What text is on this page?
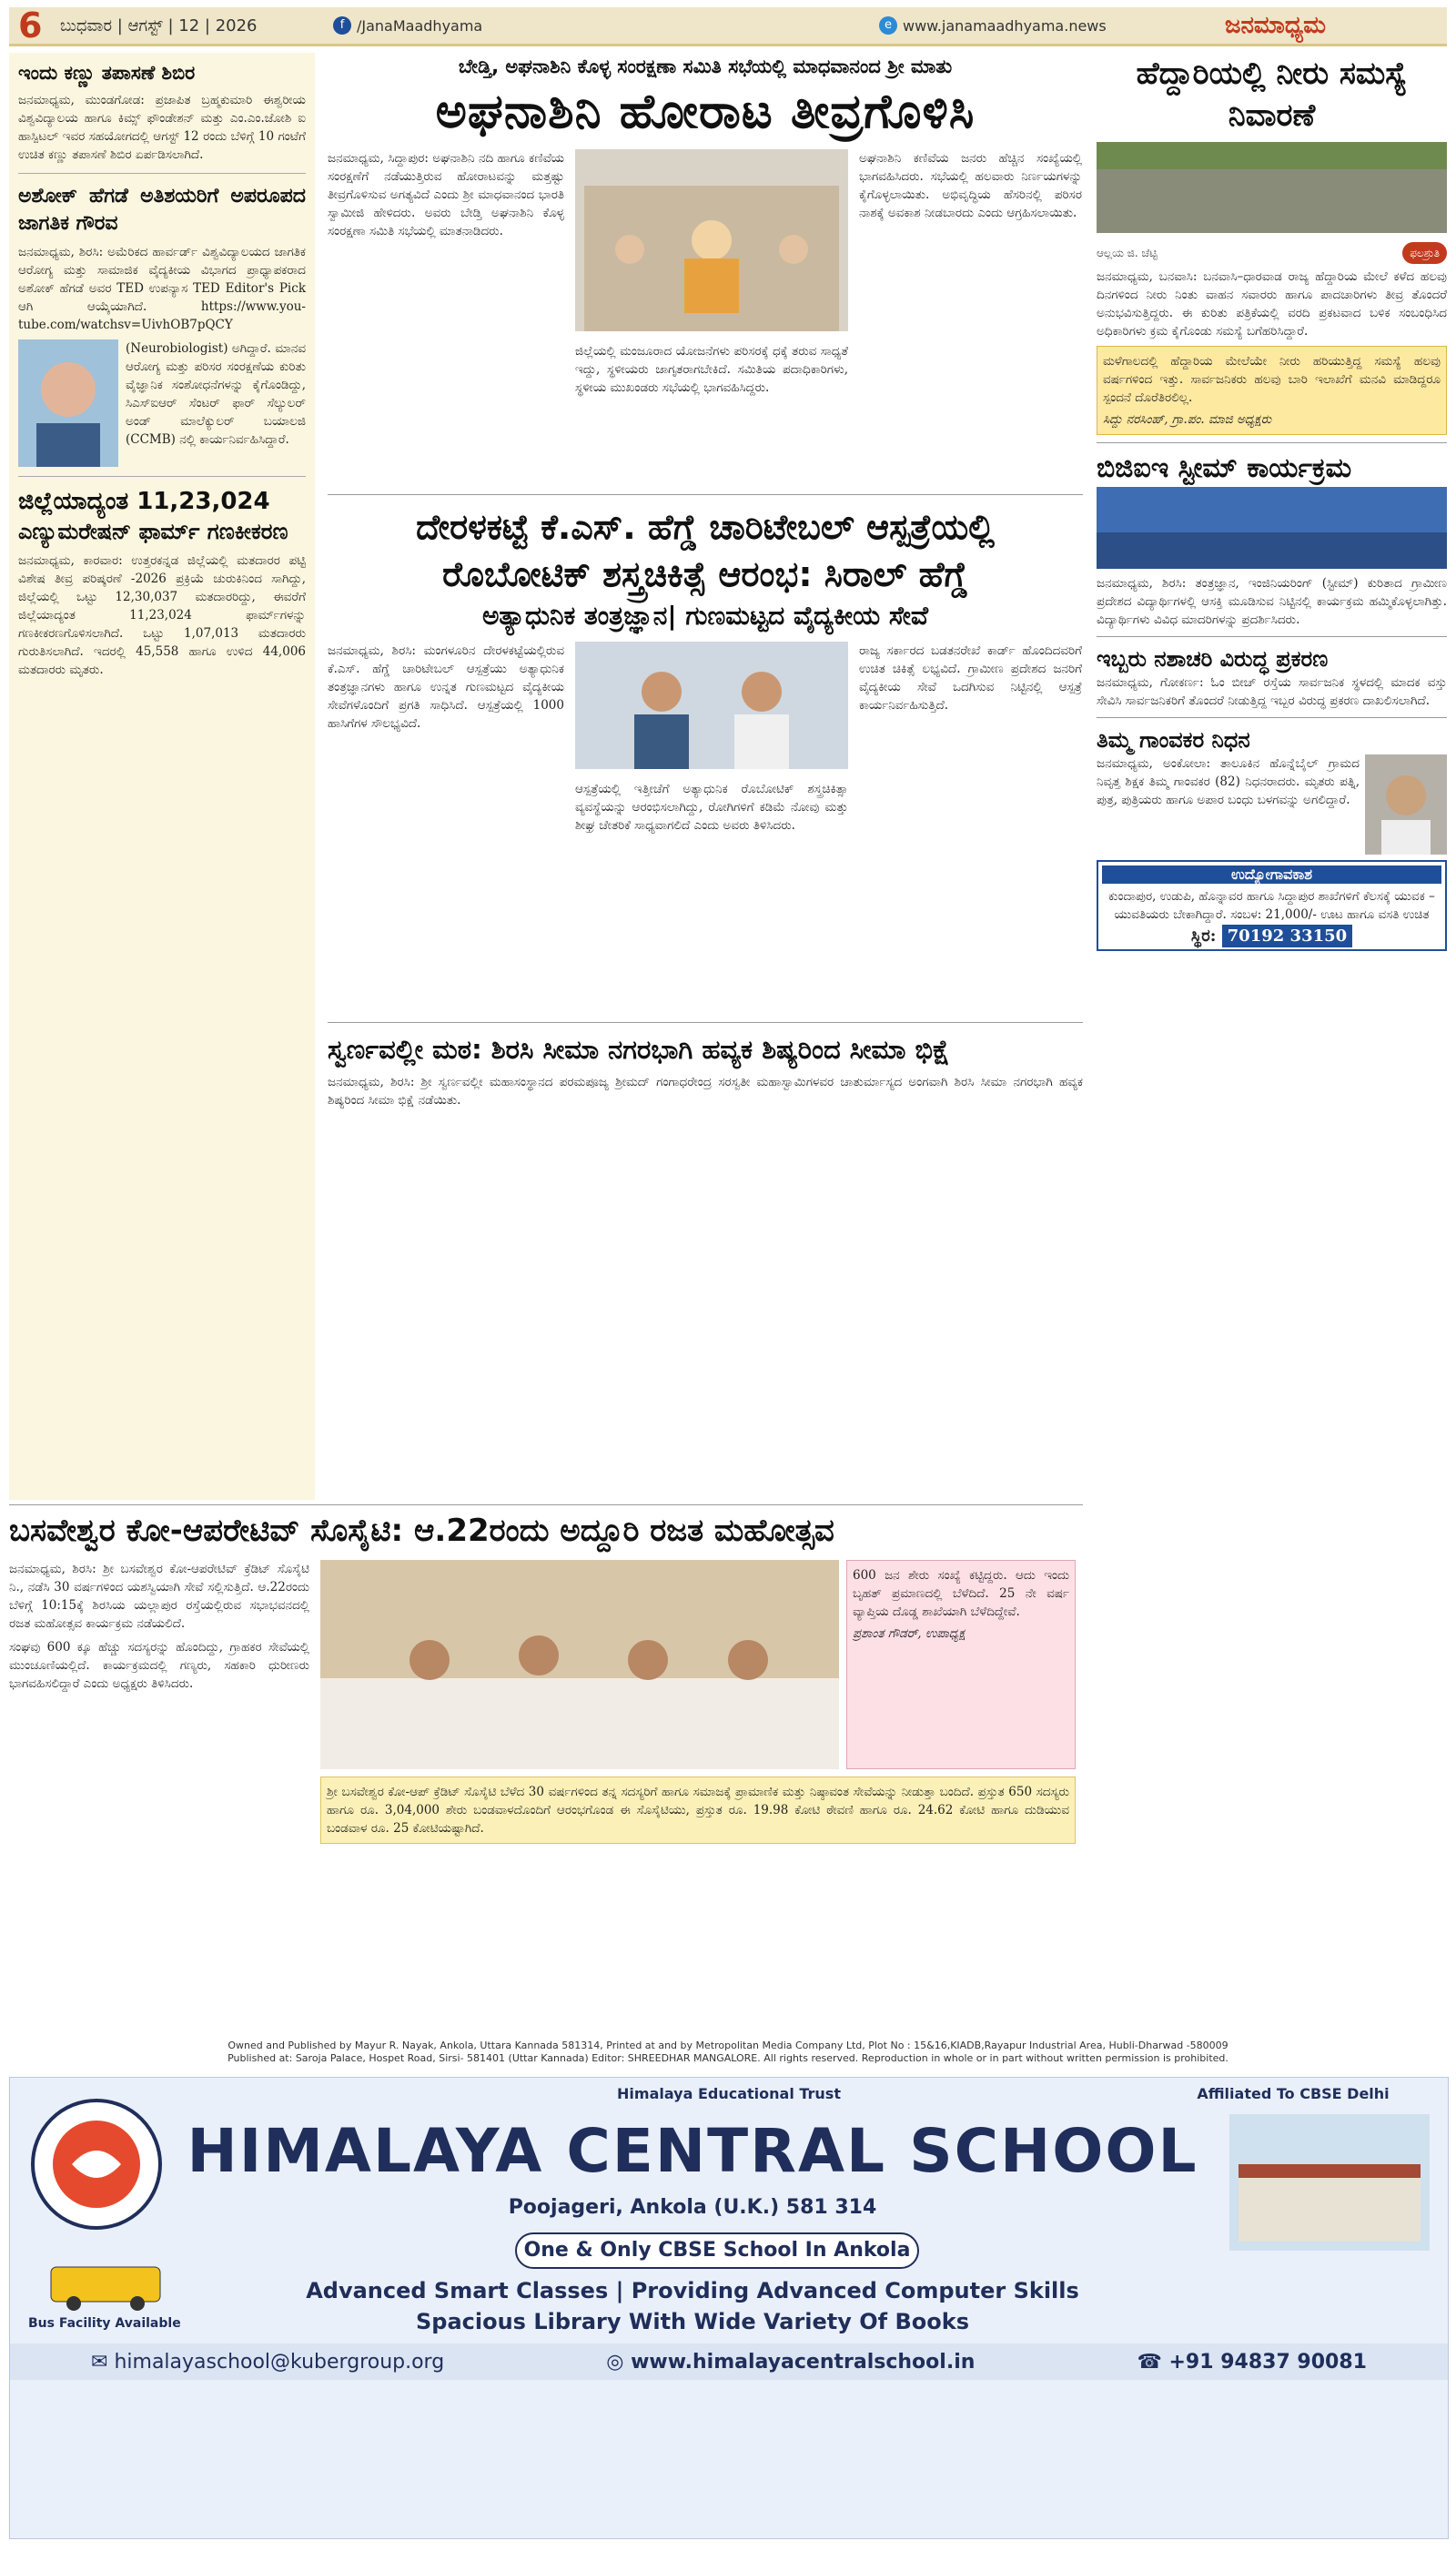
6	ಬುಧವಾರ | ಆಗಸ್ಟ್ | 12 | 2026	f /JanaMaadhyama	e www.janamaadhyama.news	ಜನಮಾಧ್ಯಮ
ಇಂದು ಕಣ್ಣು ತಪಾಸಣೆ ಶಿಬಿರ

ಜನಮಾಧ್ಯಮ, ಮುಂಡಗೋಡ: ಪ್ರಜಾಪಿತ ಬ್ರಹ್ಮಕುಮಾರಿ ಈಶ್ವರೀಯ ವಿಶ್ವವಿದ್ಯಾಲಯ ಹಾಗೂ ಕಿಮ್ಸ್ ಫೌಂಡೇಶನ್ ಮತ್ತು ಎಂ.ಎಂ.ಜೋಶಿ ಐ ಹಾಸ್ಪಿಟಲ್ ಇವರ ಸಹಯೋಗದಲ್ಲಿ ಆಗಸ್ಟ್ 12 ರಂದು ಬೆಳಿಗ್ಗೆ 10 ಗಂಟೆಗೆ ಉಚಿತ ಕಣ್ಣು ತಪಾಸಣೆ ಶಿಬಿರ ಏರ್ಪಡಿಸಲಾಗಿದೆ.

ಅಶೋಕ್ ಹೆಗಡೆ ಅತಿಶಯರಿಗೆ ಅಪರೂಪದ ಜಾಗತಿಕ ಗೌರವ

ಜನಮಾಧ್ಯಮ, ಶಿರಸಿ: ಅಮೆರಿಕದ ಹಾರ್ವರ್ಡ್ ವಿಶ್ವವಿದ್ಯಾಲಯದ ಜಾಗತಿಕ ಆರೋಗ್ಯ ಮತ್ತು ಸಾಮಾಜಿಕ ವೈದ್ಯಕೀಯ ವಿಭಾಗದ ಪ್ರಾಧ್ಯಾಪಕರಾದ ಅಶೋಕ್ ಹೆಗಡೆ ಅವರ TED ಉಪನ್ಯಾಸ TED Editor's Pick ಆಗಿ ಆಯ್ಕೆಯಾಗಿದೆ. https://www.you-tube.com/watchsv=UivhOB7pQCY

(Neurobiologist) ಅಗಿದ್ದಾರೆ. ಮಾನವ ಆರೋಗ್ಯ ಮತ್ತು ಪರಿಸರ ಸಂರಕ್ಷಣೆಯ ಕುರಿತು ವೈಜ್ಞಾನಿಕ ಸಂಶೋಧನೆಗಳನ್ನು ಕೈಗೊಂಡಿದ್ದು, ಸಿಎಸ್ಐಆರ್ ಸೆಂಟರ್ ಫಾರ್ ಸೆಲ್ಯುಲರ್ ಅಂಡ್ ಮಾಲೆಕ್ಯುಲರ್ ಬಯಾಲಜಿ (CCMB) ನಲ್ಲಿ ಕಾರ್ಯನಿರ್ವಹಿಸಿದ್ದಾರೆ.

ಜಿಲ್ಲೆಯಾದ್ಯಂತ 11,23,024
ಎಣ್ಯುಮರೇಷನ್ ಫಾರ್ಮ್ ಗಣಕೀಕರಣ

ಜನಮಾಧ್ಯಮ, ಕಾರವಾರ: ಉತ್ತರಕನ್ನಡ ಜಿಲ್ಲೆಯಲ್ಲಿ ಮತದಾರರ ಪಟ್ಟಿ ವಿಶೇಷ ತೀವ್ರ ಪರಿಷ್ಕರಣೆ -2026 ಪ್ರಕ್ರಿಯೆ ಚುರುಕಿನಿಂದ ಸಾಗಿದ್ದು, ಜಿಲ್ಲೆಯಲ್ಲಿ ಒಟ್ಟು 12,30,037 ಮತದಾರರಿದ್ದು, ಈವರೆಗೆ ಜಿಲ್ಲೆಯಾದ್ಯಂತ 11,23,024 ಫಾರ್ಮ್‌ಗಳನ್ನು ಗಣಕೀಕರಣಗೊಳಿಸಲಾಗಿದೆ. ಒಟ್ಟು 1,07,013 ಮತದಾರರು ಗುರುತಿಸಲಾಗಿದೆ. ಇದರಲ್ಲಿ 45,558 ಹಾಗೂ ಉಳಿದ 44,006 ಮತದಾರರು ಮೃತರು.

ಬೇಡ್ತಿ, ಅಘನಾಶಿನಿ ಕೊಳ್ಳ ಸಂರಕ್ಷಣಾ ಸಮಿತಿ ಸಭೆಯಲ್ಲಿ ಮಾಧವಾನಂದ ಶ್ರೀ ಮಾತು
ಅಘನಾಶಿನಿ ಹೋರಾಟ ತೀವ್ರಗೊಳಿಸಿ

ಜನಮಾಧ್ಯಮ, ಸಿದ್ದಾಪುರ: ಅಘನಾಶಿನಿ ನದಿ ಹಾಗೂ ಕಣಿವೆಯ ಸಂರಕ್ಷಣೆಗೆ ನಡೆಯುತ್ತಿರುವ ಹೋರಾಟವನ್ನು ಮತ್ತಷ್ಟು ತೀವ್ರಗೊಳಿಸುವ ಅಗತ್ಯವಿದೆ ಎಂದು ಶ್ರೀ ಮಾಧವಾನಂದ ಭಾರತಿ ಸ್ವಾಮೀಜಿ ಹೇಳಿದರು. ಅವರು ಬೇಡ್ತಿ ಅಘನಾಶಿನಿ ಕೊಳ್ಳ ಸಂರಕ್ಷಣಾ ಸಮಿತಿ ಸಭೆಯಲ್ಲಿ ಮಾತನಾಡಿದರು.

ಜಿಲ್ಲೆಯಲ್ಲಿ ಮಂಜೂರಾದ ಯೋಜನೆಗಳು ಪರಿಸರಕ್ಕೆ ಧಕ್ಕೆ ತರುವ ಸಾಧ್ಯತೆ ಇದ್ದು, ಸ್ಥಳೀಯರು ಜಾಗೃತರಾಗಬೇಕಿದೆ. ಸಮಿತಿಯ ಪದಾಧಿಕಾರಿಗಳು, ಸ್ಥಳೀಯ ಮುಖಂಡರು ಸಭೆಯಲ್ಲಿ ಭಾಗವಹಿಸಿದ್ದರು.

ಅಘನಾಶಿನಿ ಕಣಿವೆಯ ಜನರು ಹೆಚ್ಚಿನ ಸಂಖ್ಯೆಯಲ್ಲಿ ಭಾಗವಹಿಸಿದರು. ಸಭೆಯಲ್ಲಿ ಹಲವಾರು ನಿರ್ಣಯಗಳನ್ನು ಕೈಗೊಳ್ಳಲಾಯಿತು. ಅಭಿವೃದ್ಧಿಯ ಹೆಸರಿನಲ್ಲಿ ಪರಿಸರ ನಾಶಕ್ಕೆ ಅವಕಾಶ ನೀಡಬಾರದು ಎಂದು ಆಗ್ರಹಿಸಲಾಯಿತು.

ದೇರಳಕಟ್ಟೆ ಕೆ.ಎಸ್. ಹೆಗ್ಡೆ ಚಾರಿಟೇಬಲ್ ಆಸ್ಪತ್ರೆಯಲ್ಲಿ
ರೊಬೋಟಿಕ್ ಶಸ್ತ್ರಚಿಕಿತ್ಸೆ ಆರಂಭ: ಸಿರಾಲ್ ಹೆಗ್ಡೆ
ಅತ್ಯಾಧುನಿಕ ತಂತ್ರಜ್ಞಾನ| ಗುಣಮಟ್ಟದ ವೈದ್ಯಕೀಯ ಸೇವೆ

ಜನಮಾಧ್ಯಮ, ಶಿರಸಿ: ಮಂಗಳೂರಿನ ದೇರಳಕಟ್ಟೆಯಲ್ಲಿರುವ ಕೆ.ಎಸ್. ಹೆಗ್ಡೆ ಚಾರಿಟೇಬಲ್ ಆಸ್ಪತ್ರೆಯು ಅತ್ಯಾಧುನಿಕ ತಂತ್ರಜ್ಞಾನಗಳು ಹಾಗೂ ಉನ್ನತ ಗುಣಮಟ್ಟದ ವೈದ್ಯಕೀಯ ಸೇವೆಗಳೊಂದಿಗೆ ಪ್ರಗತಿ ಸಾಧಿಸಿದೆ. ಆಸ್ಪತ್ರೆಯಲ್ಲಿ 1000 ಹಾಸಿಗೆಗಳ ಸೌಲಭ್ಯವಿದೆ.

ಆಸ್ಪತ್ರೆಯಲ್ಲಿ ಇತ್ತೀಚೆಗೆ ಅತ್ಯಾಧುನಿಕ ರೊಬೋಟಿಕ್ ಶಸ್ತ್ರಚಿಕಿತ್ಸಾ ವ್ಯವಸ್ಥೆಯನ್ನು ಆರಂಭಿಸಲಾಗಿದ್ದು, ರೋಗಿಗಳಿಗೆ ಕಡಿಮೆ ನೋವು ಮತ್ತು ಶೀಘ್ರ ಚೇತರಿಕೆ ಸಾಧ್ಯವಾಗಲಿದೆ ಎಂದು ಅವರು ತಿಳಿಸಿದರು.

ರಾಜ್ಯ ಸರ್ಕಾರದ ಬಡತನರೇಖೆ ಕಾರ್ಡ್ ಹೊಂದಿದವರಿಗೆ ಉಚಿತ ಚಿಕಿತ್ಸೆ ಲಭ್ಯವಿದೆ. ಗ್ರಾಮೀಣ ಪ್ರದೇಶದ ಜನರಿಗೆ ವೈದ್ಯಕೀಯ ಸೇವೆ ಒದಗಿಸುವ ನಿಟ್ಟಿನಲ್ಲಿ ಆಸ್ಪತ್ರೆ ಕಾರ್ಯನಿರ್ವಹಿಸುತ್ತಿದೆ.

ಸ್ವರ್ಣವಲ್ಲೀ ಮಠ: ಶಿರಸಿ ಸೀಮಾ ನಗರಭಾಗಿ ಹವ್ಯಕ ಶಿಷ್ಯರಿಂದ ಸೀಮಾ ಭಿಕ್ಷೆ

ಜನಮಾಧ್ಯಮ, ಶಿರಸಿ: ಶ್ರೀ ಸ್ವರ್ಣವಲ್ಲೀ ಮಹಾಸಂಸ್ಥಾನದ ಪರಮಪೂಜ್ಯ ಶ್ರೀಮದ್ ಗಂಗಾಧರೇಂದ್ರ ಸರಸ್ವತೀ ಮಹಾಸ್ವಾಮಿಗಳವರ ಚಾತುರ್ಮಾಸ್ಯದ ಅಂಗವಾಗಿ ಶಿರಸಿ ಸೀಮಾ ನಗರಭಾಗಿ ಹವ್ಯಕ ಶಿಷ್ಯರಿಂದ ಸೀಮಾ ಭಿಕ್ಷೆ ನಡೆಯಿತು.

ಹೆದ್ದಾರಿಯಲ್ಲಿ ನೀರು ಸಮಸ್ಯೆ ನಿವಾರಣೆ
ಆಲ್ಲಯ ಜಿ. ಚೆಟ್ಟಿ	ಫಲಶ್ರುತಿ

ಜನಮಾಧ್ಯಮ, ಬನವಾಸಿ: ಬನವಾಸಿ–ಧಾರವಾಡ ರಾಜ್ಯ ಹೆದ್ದಾರಿಯ ಮೇಲೆ ಕಳೆದ ಹಲವು ದಿನಗಳಿಂದ ನೀರು ನಿಂತು ವಾಹನ ಸವಾರರು ಹಾಗೂ ಪಾದಚಾರಿಗಳು ತೀವ್ರ ತೊಂದರೆ ಅನುಭವಿಸುತ್ತಿದ್ದರು. ಈ ಕುರಿತು ಪತ್ರಿಕೆಯಲ್ಲಿ ವರದಿ ಪ್ರಕಟವಾದ ಬಳಿಕ ಸಂಬಂಧಿಸಿದ ಅಧಿಕಾರಿಗಳು ಕ್ರಮ ಕೈಗೊಂಡು ಸಮಸ್ಯೆ ಬಗೆಹರಿಸಿದ್ದಾರೆ.

ಮಳೆಗಾಲದಲ್ಲಿ ಹೆದ್ದಾರಿಯ ಮೇಲೆಯೇ ನೀರು ಹರಿಯುತ್ತಿದ್ದ ಸಮಸ್ಯೆ ಹಲವು ವರ್ಷಗಳಿಂದ ಇತ್ತು. ಸಾರ್ವಜನಿಕರು ಹಲವು ಬಾರಿ ಇಲಾಖೆಗೆ ಮನವಿ ಮಾಡಿದ್ದರೂ ಸ್ಪಂದನೆ ದೊರೆತಿರಲಿಲ್ಲ.

ಸಿದ್ದು ನರಸಿಂಹ್, ಗ್ರಾ.ಪಂ. ಮಾಜಿ ಅಧ್ಯಕ್ಷರು

ಬಿಜಿಐಇ ಸ್ಟೀಮ್ ಕಾರ್ಯಕ್ರಮ

ಜನಮಾಧ್ಯಮ, ಶಿರಸಿ: ತಂತ್ರಜ್ಞಾನ, ಇಂಜಿನಿಯರಿಂಗ್ (ಸ್ಟೀಮ್) ಕುರಿತಾದ ಗ್ರಾಮೀಣ ಪ್ರದೇಶದ ವಿದ್ಯಾರ್ಥಿಗಳಲ್ಲಿ ಆಸಕ್ತಿ ಮೂಡಿಸುವ ನಿಟ್ಟಿನಲ್ಲಿ ಕಾರ್ಯಕ್ರಮ ಹಮ್ಮಿಕೊಳ್ಳಲಾಗಿತ್ತು. ವಿದ್ಯಾರ್ಥಿಗಳು ವಿವಿಧ ಮಾದರಿಗಳನ್ನು ಪ್ರದರ್ಶಿಸಿದರು.

ಇಬ್ಬರು ನಶಾಚರಿ ವಿರುದ್ಧ ಪ್ರಕರಣ

ಜನಮಾಧ್ಯಮ, ಗೋಕರ್ಣ: ಓಂ ಬೀಚ್ ರಸ್ತೆಯ ಸಾರ್ವಜನಿಕ ಸ್ಥಳದಲ್ಲಿ ಮಾದಕ ವಸ್ತು ಸೇವಿಸಿ ಸಾರ್ವಜನಿಕರಿಗೆ ತೊಂದರೆ ನೀಡುತ್ತಿದ್ದ ಇಬ್ಬರ ವಿರುದ್ಧ ಪ್ರಕರಣ ದಾಖಲಿಸಲಾಗಿದೆ.

ತಿಮ್ಮ ಗಾಂವಕರ ನಿಧನ

ಜನಮಾಧ್ಯಮ, ಅಂಕೋಲಾ: ತಾಲೂಕಿನ ಹೊನ್ನೆಬೈಲ್ ಗ್ರಾಮದ ನಿವೃತ್ತ ಶಿಕ್ಷಕ ತಿಮ್ಮ ಗಾಂವಕರ (82) ನಿಧನರಾದರು. ಮೃತರು ಪತ್ನಿ, ಪುತ್ರ, ಪುತ್ರಿಯರು ಹಾಗೂ ಅಪಾರ ಬಂಧು ಬಳಗವನ್ನು ಅಗಲಿದ್ದಾರೆ.

ಉದ್ಯೋಗಾವಕಾಶ

ಕುಂದಾಪುರ, ಉಡುಪಿ, ಹೊನ್ನಾವರ ಹಾಗೂ ಸಿದ್ದಾಪುರ ಶಾಖೆಗಳಿಗೆ ಕೆಲಸಕ್ಕೆ ಯುವಕ – ಯುವತಿಯರು ಬೇಕಾಗಿದ್ದಾರೆ. ಸಂಬಳ: 21,000/- ಊಟ ಹಾಗೂ ವಸತಿ ಉಚಿತ

ಸ್ಥಿರ: 70192 33150
ಬಸವೇಶ್ವರ ಕೋ-ಆಪರೇಟಿವ್ ಸೊಸೈಟಿ: ಆ.22ರಂದು ಅದ್ದೂರಿ ರಜತ ಮಹೋತ್ಸವ

ಜನಮಾಧ್ಯಮ, ಶಿರಸಿ: ಶ್ರೀ ಬಸವೇಶ್ವರ ಕೋ-ಆಪರೇಟಿವ್ ಕ್ರೆಡಿಟ್ ಸೊಸೈಟಿ ನಿ., ನಡೆಸಿ 30 ವರ್ಷಗಳಿಂದ ಯಶಸ್ವಿಯಾಗಿ ಸೇವೆ ಸಲ್ಲಿಸುತ್ತಿದೆ. ಆ.22ರಂದು ಬೆಳಿಗ್ಗೆ 10:15ಕ್ಕೆ ಶಿರಸಿಯ ಯಲ್ಲಾಪುರ ರಸ್ತೆಯಲ್ಲಿರುವ ಸಭಾಭವನದಲ್ಲಿ ರಜತ ಮಹೋತ್ಸವ ಕಾರ್ಯಕ್ರಮ ನಡೆಯಲಿದೆ.

ಸಂಘವು 600 ಕ್ಕೂ ಹೆಚ್ಚು ಸದಸ್ಯರನ್ನು ಹೊಂದಿದ್ದು, ಗ್ರಾಹಕರ ಸೇವೆಯಲ್ಲಿ ಮುಂಚೂಣಿಯಲ್ಲಿದೆ. ಕಾರ್ಯಕ್ರಮದಲ್ಲಿ ಗಣ್ಯರು, ಸಹಕಾರಿ ಧುರೀಣರು ಭಾಗವಹಿಸಲಿದ್ದಾರೆ ಎಂದು ಅಧ್ಯಕ್ಷರು ತಿಳಿಸಿದರು.

600 ಜನ ಶೇರು ಸಂಖ್ಯೆ ಕಟ್ಟಿದ್ದರು. ಆದು ಇಂದು ಬೃಹತ್ ಪ್ರಮಾಣದಲ್ಲಿ ಬೆಳೆದಿದೆ. 25 ನೇ ವರ್ಷ ವ್ಯಾಪ್ತಿಯ ದೊಡ್ಡ ಶಾಖೆಯಾಗಿ ಬೆಳೆದಿದ್ದೇವೆ.

ಪ್ರಶಾಂತ ಗೌಡರ್, ಉಪಾಧ್ಯಕ್ಷ

ಶ್ರೀ ಬಸವೇಶ್ವರ ಕೋ-ಆಪ್ ಕ್ರೆಡಿಟ್ ಸೊಸೈಟಿ ಬೆಳೆದ 30 ವರ್ಷಗಳಿಂದ ತನ್ನ ಸದಸ್ಯರಿಗೆ ಹಾಗೂ ಸಮಾಜಕ್ಕೆ ಪ್ರಾಮಾಣಿಕ ಮತ್ತು ನಿಷ್ಠಾವಂತ ಸೇವೆಯನ್ನು ನೀಡುತ್ತಾ ಬಂದಿದೆ. ಪ್ರಸ್ತುತ 650 ಸದಸ್ಯರು ಹಾಗೂ ರೂ. 3,04,000 ಶೇರು ಬಂಡವಾಳದೊಂದಿಗೆ ಆರಂಭಗೊಂಡ ಈ ಸೊಸೈಟಿಯು, ಪ್ರಸ್ತುತ ರೂ. 19.98 ಕೋಟಿ ಠೇವಣಿ ಹಾಗೂ ರೂ. 24.62 ಕೋಟಿ ಹಾಗೂ ದುಡಿಯುವ ಬಂಡವಾಳ ರೂ. 25 ಕೋಟಿಯಷ್ಟಾಗಿದೆ.

Owned and Published by Mayur R. Nayak, Ankola, Uttara Kannada 581314, Printed at and by Metropolitan Media Company Ltd, Plot No : 15&16,KIADB,Rayapur Industrial Area, Hubli-Dharwad -580009
Published at: Saroja Palace, Hospet Road, Sirsi- 581401 (Uttar Kannada) Editor: SHREEDHAR MANGALORE. All rights reserved. Reproduction in whole or in part without written permission is prohibited.
Himalaya Educational Trust	Affiliated To CBSE Delhi
HIMALAYA CENTRAL SCHOOL
Poojageri, Ankola (U.K.) 581 314
One & Only CBSE School In Ankola
Advanced Smart Classes | Providing Advanced Computer Skills
Spacious Library With Wide Variety Of Books
Bus Facility Available
✉ himalayaschool@kubergroup.org	◎ www.himalayacentralschool.in	☎ +91 94837 90081
